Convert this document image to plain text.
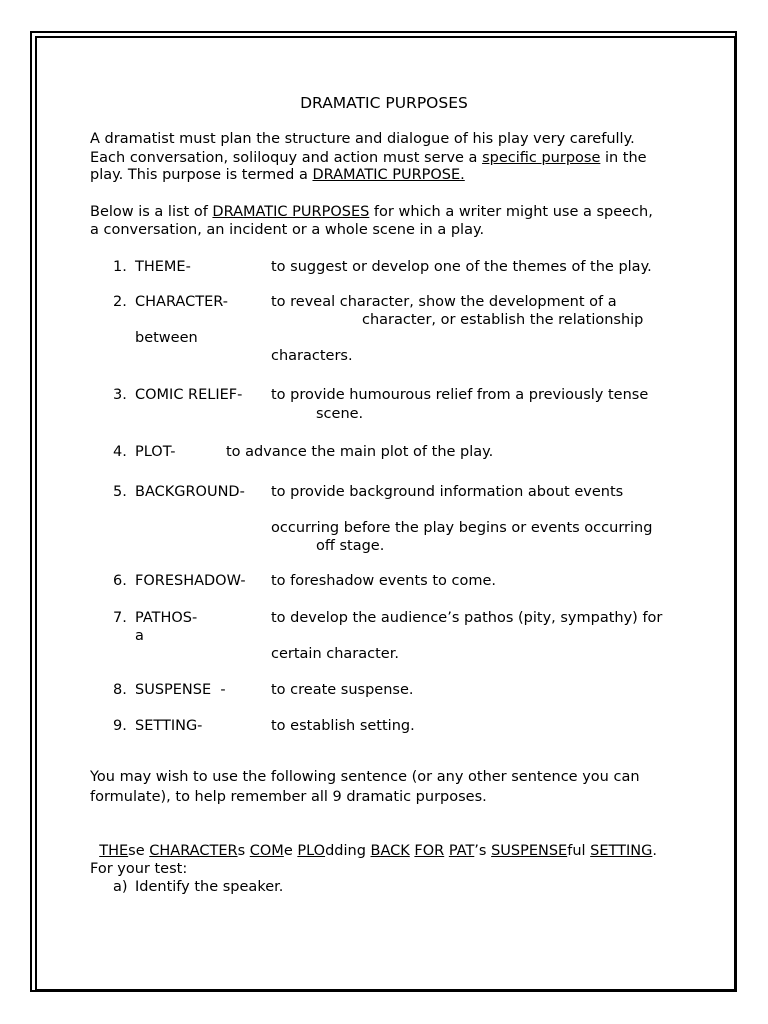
DRAMATIC PURPOSES
A dramatist must plan the structure and dialogue of his play very carefully.
Each conversation, soliloquy and action must serve a specific purpose in the
play. This purpose is termed a DRAMATIC PURPOSE.
Below is a list of DRAMATIC PURPOSES for which a writer might use a speech,
a conversation, an incident or a whole scene in a play.
1. THEME-	to suggest or develop one of the themes of the play.
2. CHARACTER-	to reveal character, show the development of a
character, or establish the relationship
between
characters.
3. COMIC RELIEF- to provide humourous relief from a previously tense
scene.
4. PLOT-	to advance the main plot of the play.
5. BACKGROUND- to provide background information about events
occurring before the play begins or events occurring
off stage.
6. FORESHADOW- to foreshadow events to come.
7. PATHOS-	to develop the audience’s pathos (pity, sympathy) for
a
certain character.
8. SUSPENSE  -	to create suspense.
9. SETTING-	to establish setting.
You may wish to use the following sentence (or any other sentence you can
formulate), to help remember all 9 dramatic purposes.

THEse CHARACTERs COMe PLOdding BACK FOR PAT’s SUSPENSEful SETTING.

For your test:
a) Identify the speaker.
